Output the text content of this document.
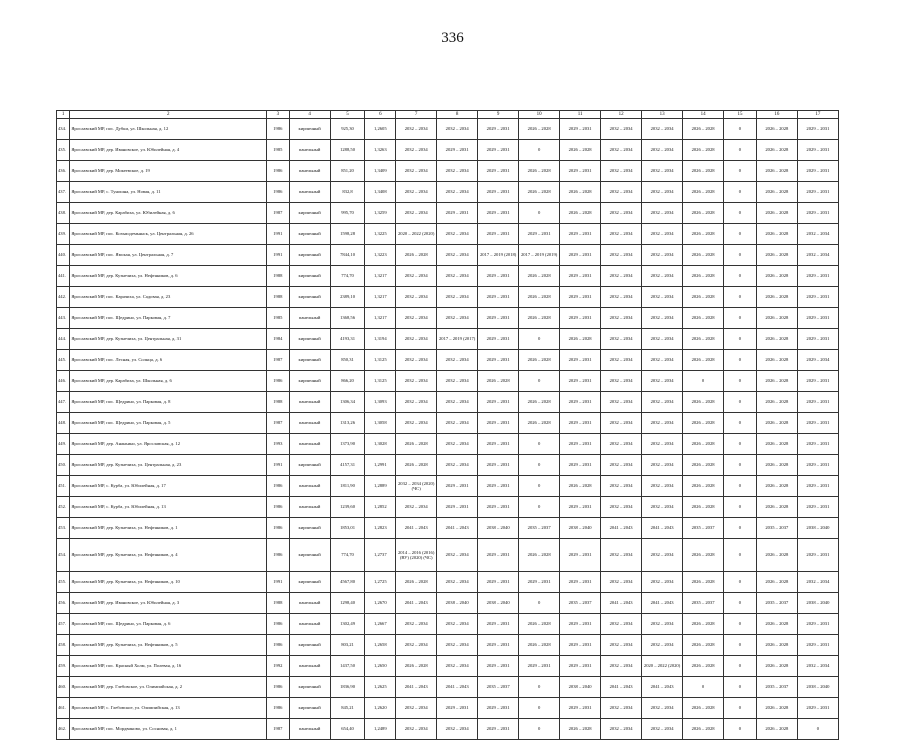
336
1	2	3	4	5	6	7	8	9	10	11	12	13	14	15	16	17
434.	Ярославский МР, пос. Дубки, ул. Школьная, д. 12	1986	кирпичный	925,30	1,2605	2032 – 2034	2032 – 2034	2029 – 2031	2026 – 2028	2029 – 2031	2032 – 2034	2032 – 2034	2026 – 2028	0	2026 – 2028	2029 – 2031
435.	Ярославский МР, дер. Ивановское, ул. Юбилейная, д. 4	1985	панельный	1288,50	1,3263	2032 – 2034	2029 – 2031	2029 – 2031	0	2026 – 2028	2032 – 2034	2032 – 2034	2026 – 2028	0	2026 – 2028	2029 – 2031
436.	Ярославский МР, дер. Мокеевское, д. 19	1986	панельный	851,20	1,3409	2032 – 2034	2032 – 2034	2029 – 2031	2026 – 2028	2029 – 2031	2032 – 2034	2032 – 2034	2026 – 2028	0	2026 – 2028	2029 – 2031
437.	Ярославский МР, с. Туношна, ул. Новая, д. 11	1986	панельный	832,8	1,3408	2032 – 2034	2032 – 2034	2029 – 2031	2026 – 2028	2026 – 2028	2032 – 2034	2032 – 2034	2026 – 2028	0	2026 – 2028	2029 – 2031
438.	Ярославский МР, дер. Карабиха, ул. Юбилейная, д. 6	1987	кирпичный	995,70	1,3259	2032 – 2034	2029 – 2031	2029 – 2031	0	2026 – 2028	2032 – 2034	2032 – 2034	2026 – 2028	0	2026 – 2028	2029 – 2031
439.	Ярославский МР, пос. Козьмодемьянск, ул. Центральная, д. 26	1991	кирпичный	1598,28	1,3225	2020 – 2022 (2020)	2032 – 2034	2029 – 2031	2029 – 2031	2029 – 2031	2032 – 2034	2032 – 2034	2026 – 2028	0	2026 – 2028	2032 – 2034
440.	Ярославский МР, пос. Ямская, ул. Центральная, д. 7	1991	кирпичный	7844,10	1,3223	2026 – 2028	2032 – 2034	2017 – 2019 (2018)	2017 – 2019 (2019)	2029 – 2031	2032 – 2034	2032 – 2034	2026 – 2028	0	2026 – 2028	2032 – 2034
441.	Ярославский МР, дер. Кузнечиха, ул. Нефтяников, д. 6	1988	кирпичный	774,70	1,3217	2032 – 2034	2032 – 2034	2029 – 2031	2026 – 2028	2029 – 2031	2032 – 2034	2032 – 2034	2026 – 2028	0	2026 – 2028	2029 – 2031
442.	Ярославский МР, пос. Карачиха, ул. Садовая, д. 23	1988	кирпичный	2389,10	1,3217	2032 – 2034	2032 – 2034	2029 – 2031	2026 – 2028	2029 – 2031	2032 – 2034	2032 – 2034	2026 – 2028	0	2026 – 2028	2029 – 2031
443.	Ярославский МР, пос. Щедрино, ул. Парковая, д. 7	1985	панельный	1368,56	1,3217	2032 – 2034	2032 – 2034	2029 – 2031	2026 – 2028	2029 – 2031	2032 – 2034	2032 – 2034	2026 – 2028	0	2026 – 2028	2029 – 2031
444.	Ярославский МР, дер. Кузнечиха, ул. Центральная, д. 31	1984	кирпичный	4193,31	1,3194	2032 – 2034	2017 – 2019 (2017)	2029 – 2031	0	2026 – 2028	2032 – 2034	2032 – 2034	2026 – 2028	0	2026 – 2028	2029 – 2031
445.	Ярославский МР, пос. Лесная, ул. Солнца, д. 6	1987	кирпичный	850,31	1,3125	2032 – 2034	2032 – 2034	2029 – 2031	2026 – 2028	2029 – 2031	2032 – 2034	2032 – 2034	2026 – 2028	0	2026 – 2028	2029 – 2034
446.	Ярославский МР, дер. Карабиха, ул. Школьная, д. 6	1986	кирпичный	866,20	1,3125	2032 – 2034	2032 – 2034	2026 – 2028	0	2029 – 2031	2032 – 2034	2032 – 2034	0	0	2026 – 2028	2029 – 2031
447.	Ярославский МР, пос. Щедрино, ул. Парковая, д. 8	1988	панельный	1306,34	1,3093	2032 – 2034	2032 – 2034	2029 – 2031	2026 – 2028	2029 – 2031	2032 – 2034	2032 – 2034	2026 – 2028	0	2026 – 2028	2029 – 2031
448.	Ярославский МР, пос. Щедрино, ул. Парковая, д. 5	1987	панельный	1313,26	1,3058	2032 – 2034	2032 – 2034	2029 – 2031	2026 – 2028	2029 – 2031	2032 – 2034	2032 – 2034	2026 – 2028	0	2026 – 2028	2029 – 2031
449.	Ярославский МР, дер. Ананьино, ул. Ярославская, д. 12	1993	панельный	1373,90	1,3028	2026 – 2028	2032 – 2034	2029 – 2031	0	2029 – 2031	2032 – 2034	2032 – 2034	2026 – 2028	0	2026 – 2028	2029 – 2031
450.	Ярославский МР, дер. Кузнечиха, ул. Центральная, д. 23	1991	кирпичный	4157,31	1,2991	2026 – 2028	2032 – 2034	2029 – 2031	0	2029 – 2031	2032 – 2034	2032 – 2034	2026 – 2028	0	2026 – 2028	2029 – 2031
451.	Ярославский МР, с. Курба, ул. Юбилейная, д. 17	1986	панельный	1811,90	1,2889	2032 – 2034 (2020) (ЧС)	2029 – 2031	2029 – 2031	0	2026 – 2028	2032 – 2034	2032 – 2034	2026 – 2028	0	2026 – 2028	2029 – 2031
452.	Ярославский МР, с. Курба, ул. Юбилейная, д. 13	1986	панельный	1239,60	1,2852	2032 – 2034	2029 – 2031	2029 – 2031	0	2029 – 2031	2032 – 2034	2032 – 2034	2026 – 2028	0	2026 – 2028	2029 – 2031
453.	Ярославский МР, дер. Кузнечиха, ул. Нефтяников, д. 1	1986	кирпичный	1853,01	1,2823	2041 – 2043	2041 – 2043	2038 – 2040	2035 – 2037	2038 – 2040	2041 – 2043	2041 – 2043	2035 – 2037	0	2035 – 2037	2038 – 2040
454.	Ярославский МР, дер. Кузнечиха, ул. Нефтяников, д. 4	1986	кирпичный	774,70	1,2737	2014 – 2016 (2016) (ВУ) (2020) (ЧС)	2032 – 2034	2029 – 2031	2026 – 2028	2029 – 2031	2032 – 2034	2032 – 2034	2026 – 2028	0	2026 – 2028	2029 – 2031
455.	Ярославский МР, дер. Кузнечиха, ул. Нефтяников, д. 10	1991	кирпичный	4567,80	1,2725	2026 – 2028	2032 – 2034	2029 – 2031	2029 – 2031	2029 – 2031	2032 – 2034	2032 – 2034	2026 – 2028	0	2026 – 2028	2032 – 2034
456.	Ярославский МР, дер. Ивановское, ул. Юбилейная, д. 3	1988	панельный	1298,40	1,2670	2041 – 2043	2038 – 2040	2038 – 2040	0	2035 – 2037	2041 – 2043	2041 – 2043	2035 – 2037	0	2035 – 2037	2038 – 2040
457.	Ярославский МР, пос. Щедрино, ул. Парковая, д. 6	1986	панельный	1302,49	1,2667	2032 – 2034	2032 – 2034	2029 – 2031	2026 – 2028	2029 – 2031	2032 – 2034	2032 – 2034	2026 – 2028	0	2026 – 2028	2029 – 2031
458.	Ярославский МР, дер. Кузнечиха, ул. Нефтяников, д. 5	1986	кирпичный	803,21	1,2658	2032 – 2034	2032 – 2034	2029 – 2031	2026 – 2028	2029 – 2031	2032 – 2034	2032 – 2034	2026 – 2028	0	2026 – 2028	2029 – 2031
459.	Ярославский МР, пос. Красный Холм, ул. Полевая, д. 16	1992	панельный	1437,50	1,2650	2026 – 2028	2032 – 2034	2029 – 2031	2029 – 2031	2029 – 2031	2032 – 2034	2020 – 2022 (2020)	2026 – 2028	0	2026 – 2028	2032 – 2034
460.	Ярославский МР, дер. Глебовское, ул. Олимпийская, д. 2	1986	кирпичный	1836,90	1,2625	2041 – 2043	2041 – 2043	2035 – 2037	0	2038 – 2040	2041 – 2043	2041 – 2043	0	0	2035 – 2037	2038 – 2040
461.	Ярославский МР, с. Глебовское, ул. Олимпийская, д. 13	1986	кирпичный	845,21	1,2620	2032 – 2034	2029 – 2031	2029 – 2031	0	2029 – 2031	2032 – 2034	2032 – 2034	2026 – 2028	0	2026 – 2028	2029 – 2031
462.	Ярославский МР, пос. Мордвиново, ул. Сосновая, д. 1	1987	панельный	654,40	1,2489	2032 – 2034	2032 – 2034	2029 – 2031	0	2026 – 2028	2032 – 2034	2032 – 2034	2026 – 2028	0	2026 – 2028	0
